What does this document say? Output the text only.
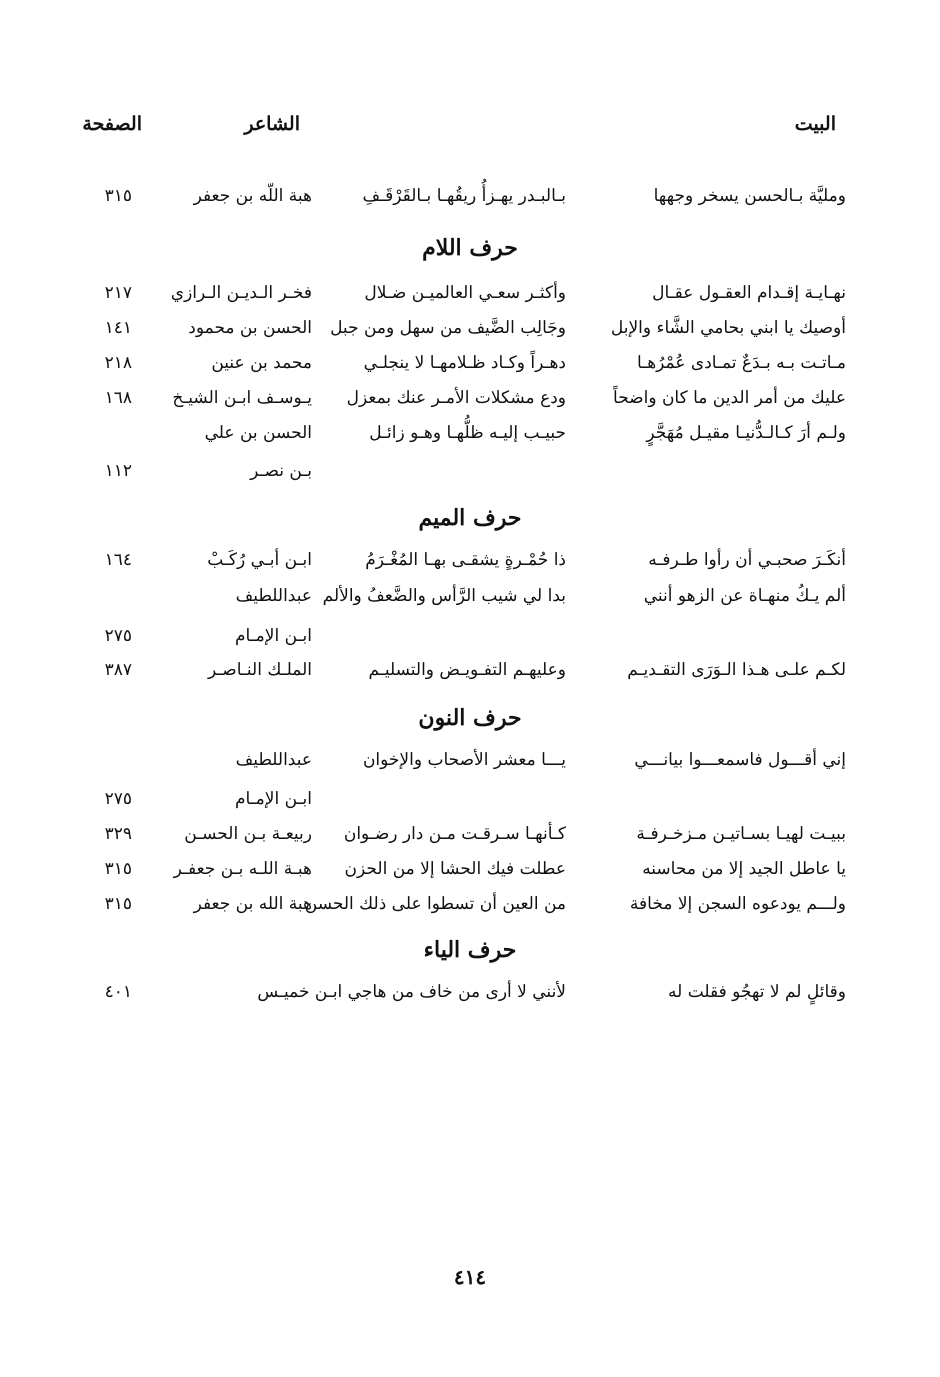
البيت
الشاعر
الصفحة
ومليَّة بـالحسن يسخر وجهها
بـالبـدر يهـزأُ ريقُهـا بـالقَرْقَـفِ
هبة اللّه بن جعفر
٣١٥
حرف اللام
نهـايـة إقـدام العقـول عقـال
وأكثـر سعـي العالميـن ضـلال
فخـر الـديـن الـرازي
٢١٧
أوصيك يا ابني بحامي الشَّاء والإبل
وجَالِب الضَّيف من سهل ومن جبل
الحسن بن محمود
١٤١
مـاتـت بـه بـدَعٌ تمـادى عُمْرُهـا
دهـراً وكـاد ظـلامهـا لا ينجلـي
محمد بن عنين
٢١٨
عليك من أمر الدين ما كان واضحاً
ودع مشكلات الأمـر عنك بمعزل
يـوسـف ابـن الشيـخ
١٦٨
ولـم أرَ كـالـدُّنيـا مقيـل مُهَجَّرٍ
حبيـب إليـه ظلُّهـا وهـو زائـل
الحسن بن علي
بـن نصـر
١١٢
حرف الميم
أنكَـرَ صحبـي أن رأوا طـرفـه
ذا حُمْـرةٍ يشقـى بهـا المُغْـرَمُ
ابـن أبـي رُكَـبْ
١٦٤
ألم يـكُ منهـاة عن الزهو أنني
بدا لي شيب الرَّأس والضَّعفُ والألم
عبداللطيف
ابـن الإمـام
٢٧٥
لكـم علـى هـذا الـوَرَى التقـديـم
وعليهـم التفـويـض والتسليـم
الملـك النـاصـر
٣٨٧
حرف النون
إني أقـــول فاسمعـــوا بيانـــي
يـــا معشر الأصحاب والإخوان
عبداللطيف
ابـن الإمـام
٢٧٥
ببيـت لهيـا بسـاتيـن مـزخـرفـة
كـأنهـا سـرقـت مـن دار رضـوان
ربيعـة بـن الحسـن
٣٢٩
يا عاطل الجيد إلا من محاسنه
عطلت فيك الحشا إلا من الحزن
هبـة اللـه بـن جعفـر
٣١٥
ولـــم يودعوه السجن إلا مخافة
من العين أن تسطوا على ذلك الحسن
هبة الله بن جعفر
٣١٥
حرف الياء
وقائلٍ لم لا تهجُو فقلت له
لأنني لا أرى من خاف من هاجي ابـن خميـس
٤٠١
٤١٤
